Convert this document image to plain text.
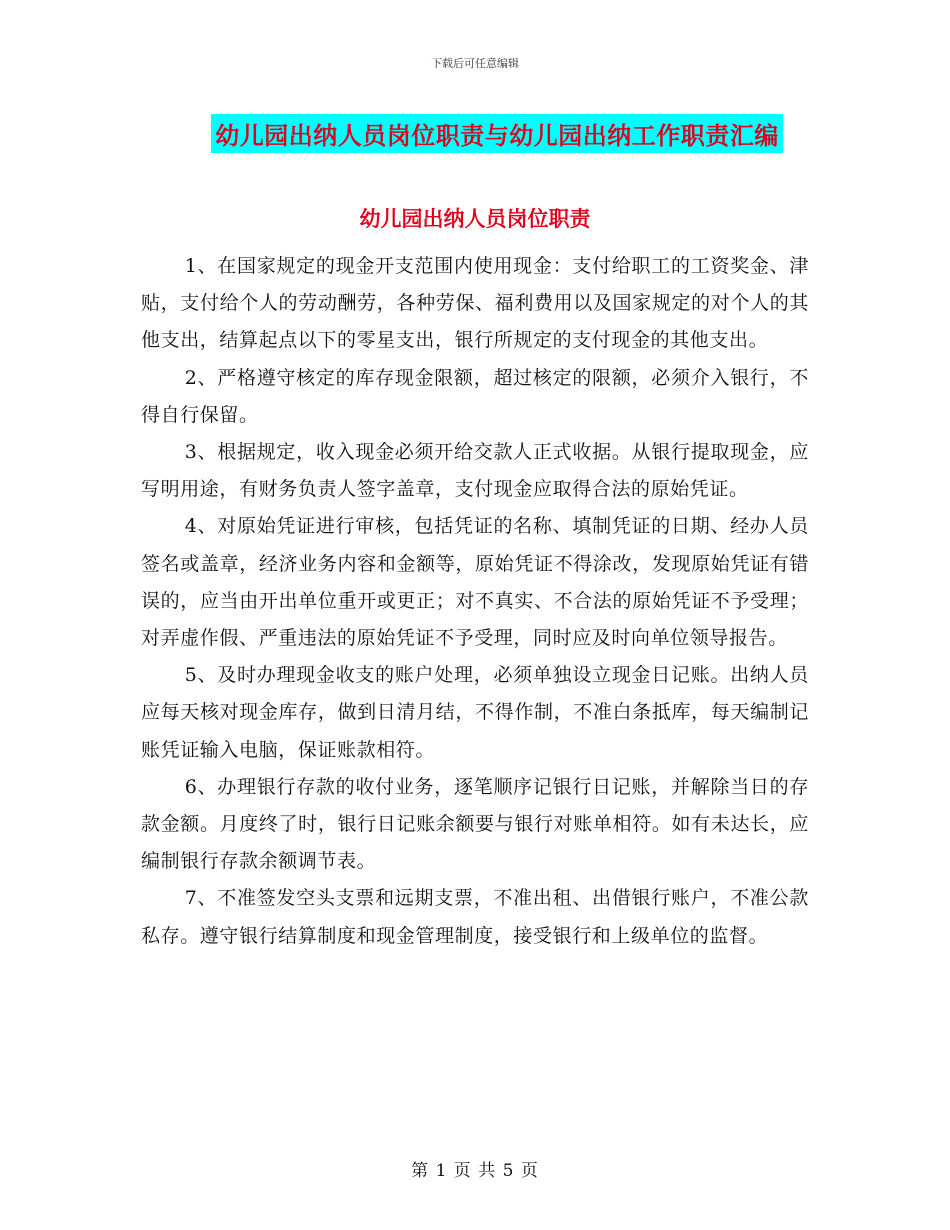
下载后可任意编辑
幼儿园出纳人员岗位职责与幼儿园出纳工作职责汇编
幼儿园出纳人员岗位职责

1、在国家规定的现金开支范围内使用现金：支付给职工的工资奖金、津贴，支付给个人的劳动酬劳，各种劳保、福利费用以及国家规定的对个人的其他支出，结算起点以下的零星支出，银行所规定的支付现金的其他支出。

2、严格遵守核定的库存现金限额，超过核定的限额，必须介入银行，不得自行保留。

3、根据规定，收入现金必须开给交款人正式收据。从银行提取现金，应写明用途，有财务负责人签字盖章，支付现金应取得合法的原始凭证。

4、对原始凭证进行审核，包括凭证的名称、填制凭证的日期、经办人员签名或盖章，经济业务内容和金额等，原始凭证不得涂改，发现原始凭证有错误的，应当由开出单位重开或更正；对不真实、不合法的原始凭证不予受理；对弄虚作假、严重违法的原始凭证不予受理，同时应及时向单位领导报告。

5、及时办理现金收支的账户处理，必须单独设立现金日记账。出纳人员应每天核对现金库存，做到日清月结，不得作制，不准白条抵库，每天编制记账凭证输入电脑，保证账款相符。

6、办理银行存款的收付业务，逐笔顺序记银行日记账，并解除当日的存款金额。月度终了时，银行日记账余额要与银行对账单相符。如有未达长，应编制银行存款余额调节表。

7、不准签发空头支票和远期支票，不准出租、出借银行账户，不准公款私存。遵守银行结算制度和现金管理制度，接受银行和上级单位的监督。

第 1 页 共 5 页
